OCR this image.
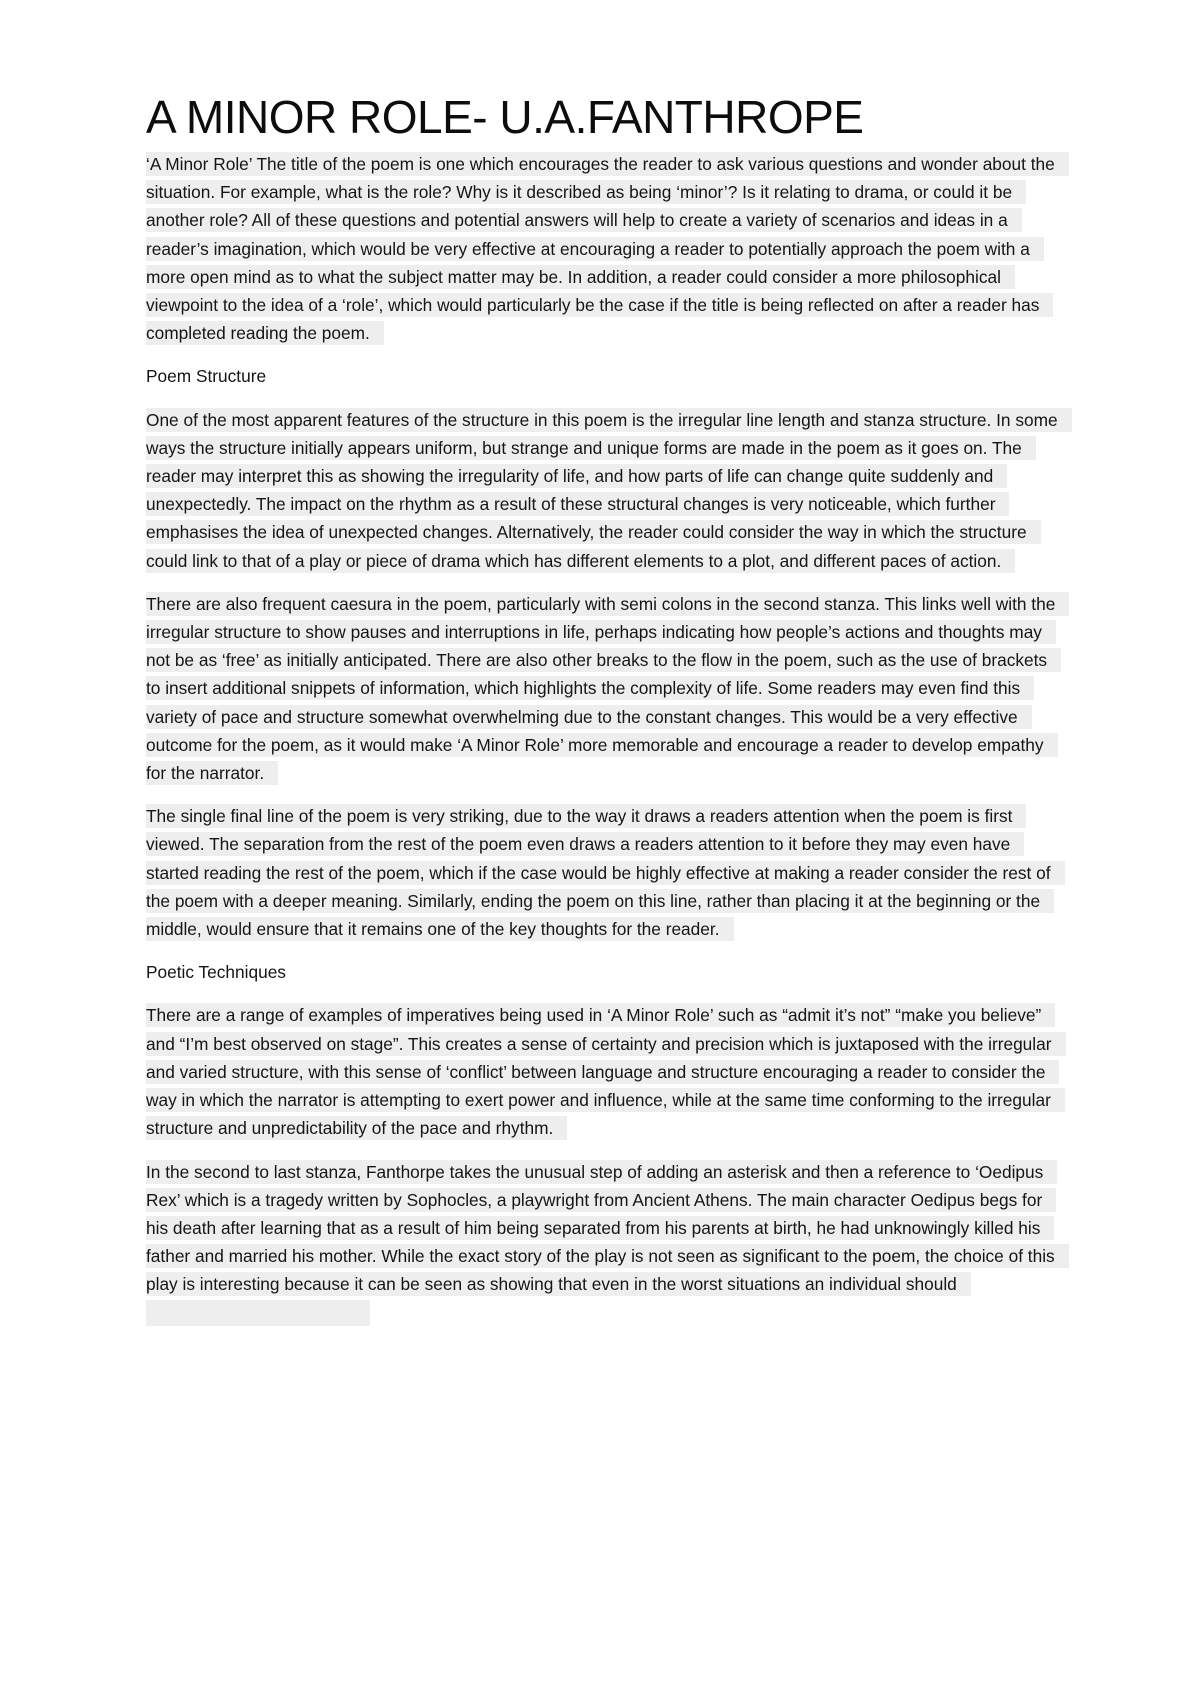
A MINOR ROLE- U.A.FANTHROPE

‘A Minor Role’ The title of the poem is one which encourages the reader to ask various questions and wonder about the situation. For example, what is the role? Why is it described as being ‘minor’? Is it relating to drama, or could it be another role? All of these questions and potential answers will help to create a variety of scenarios and ideas in a reader’s imagination, which would be very effective at encouraging a reader to potentially approach the poem with a more open mind as to what the subject matter may be. In addition, a reader could consider a more philosophical viewpoint to the idea of a ‘role’, which would particularly be the case if the title is being reflected on after a reader has completed reading the poem.

Poem Structure

One of the most apparent features of the structure in this poem is the irregular line length and stanza structure. In some ways the structure initially appears uniform, but strange and unique forms are made in the poem as it goes on. The reader may interpret this as showing the irregularity of life, and how parts of life can change quite suddenly and unexpectedly. The impact on the rhythm as a result of these structural changes is very noticeable, which further emphasises the idea of unexpected changes. Alternatively, the reader could consider the way in which the structure could link to that of a play or piece of drama which has different elements to a plot, and different paces of action.

There are also frequent caesura in the poem, particularly with semi colons in the second stanza. This links well with the irregular structure to show pauses and interruptions in life, perhaps indicating how people’s actions and thoughts may not be as ‘free’ as initially anticipated. There are also other breaks to the flow in the poem, such as the use of brackets to insert additional snippets of information, which highlights the complexity of life. Some readers may even find this variety of pace and structure somewhat overwhelming due to the constant changes. This would be a very effective outcome for the poem, as it would make ‘A Minor Role’ more memorable and encourage a reader to develop empathy for the narrator.

The single final line of the poem is very striking, due to the way it draws a readers attention when the poem is first viewed. The separation from the rest of the poem even draws a readers attention to it before they may even have started reading the rest of the poem, which if the case would be highly effective at making a reader consider the rest of the poem with a deeper meaning. Similarly, ending the poem on this line, rather than placing it at the beginning or the middle, would ensure that it remains one of the key thoughts for the reader.

Poetic Techniques

There are a range of examples of imperatives being used in ‘A Minor Role’ such as “admit it’s not” “make you believe” and “I’m best observed on stage”. This creates a sense of certainty and precision which is juxtaposed with the irregular and varied structure, with this sense of ‘conflict’ between language and structure encouraging a reader to consider the way in which the narrator is attempting to exert power and influence, while at the same time conforming to the irregular structure and unpredictability of the pace and rhythm.

In the second to last stanza, Fanthorpe takes the unusual step of adding an asterisk and then a reference to ‘Oedipus Rex’ which is a tragedy written by Sophocles, a playwright from Ancient Athens. The main character Oedipus begs for his death after learning that as a result of him being separated from his parents at birth, he had unknowingly killed his father and married his mother. While the exact story of the play is not seen as significant to the poem, the choice of this play is interesting because it can be seen as showing that even in the worst situations an individual should
